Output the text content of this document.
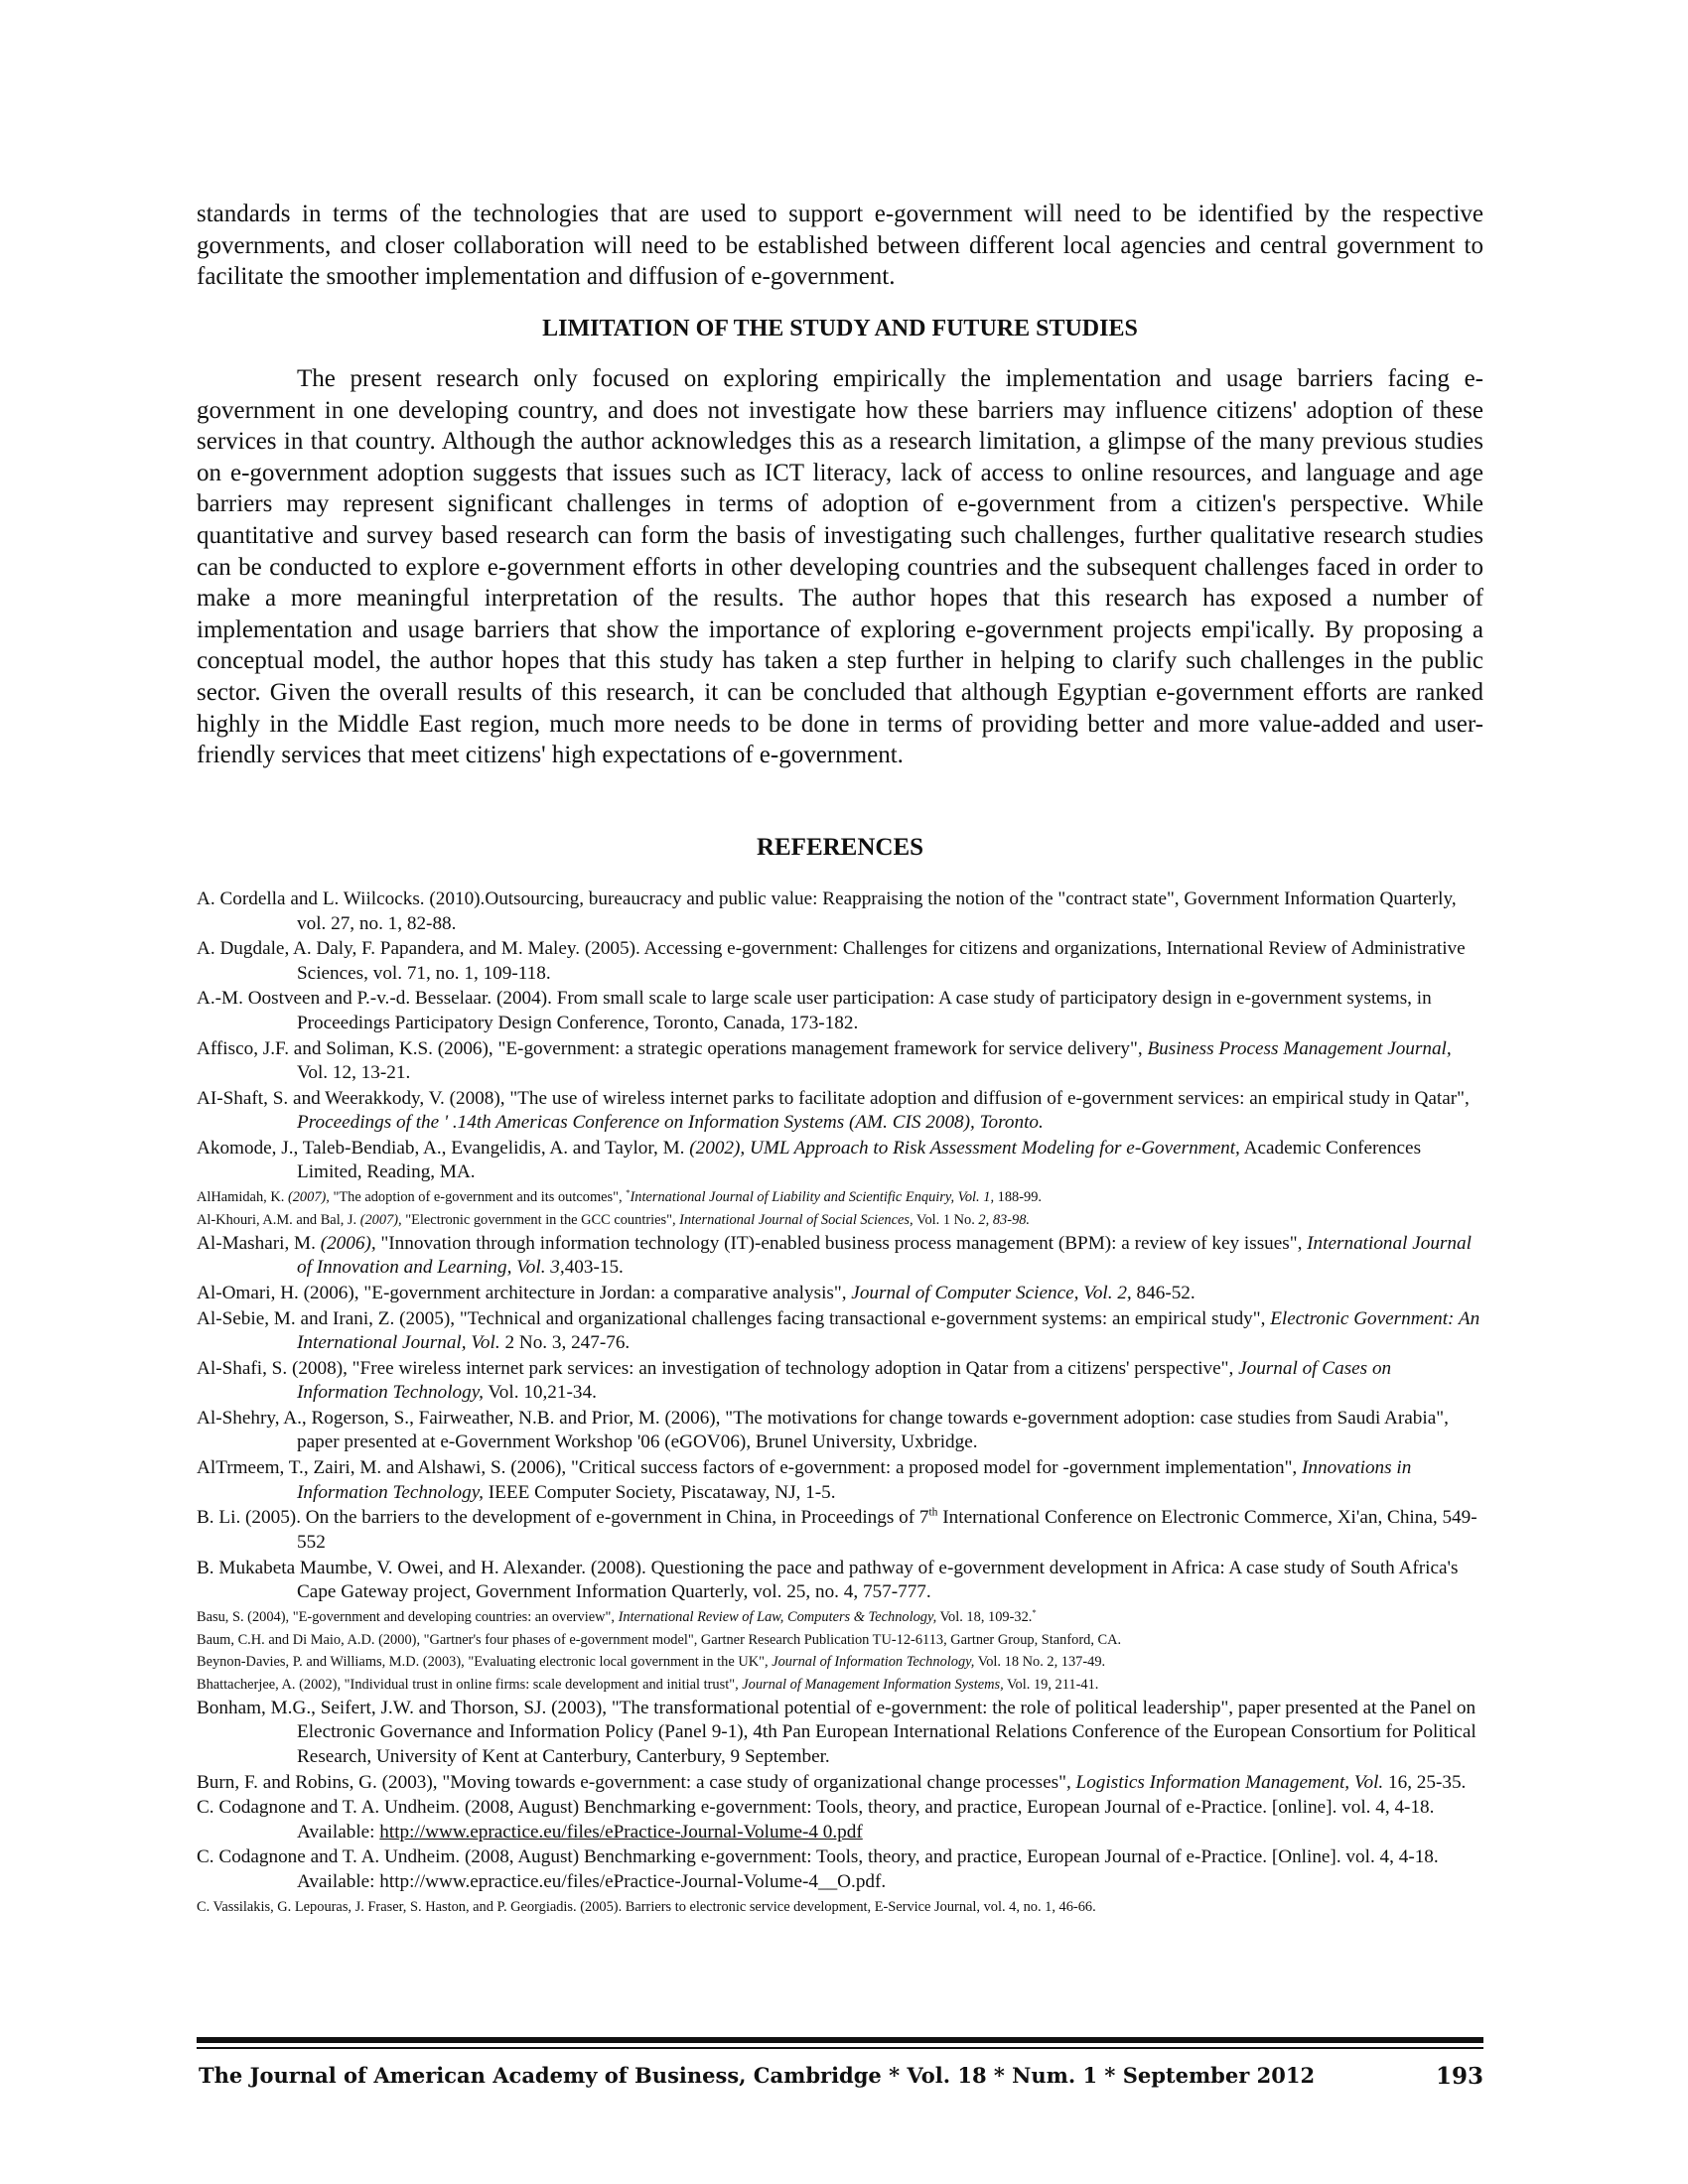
standards in terms of the technologies that are used to support e-government will need to be identified by the respective governments, and closer collaboration will need to be established between different local agencies and central government to facilitate the smoother implementation and diffusion of e-government.

LIMITATION OF THE STUDY AND FUTURE STUDIES

The present research only focused on exploring empirically the implementation and usage barriers facing e-government in one developing country, and does not investigate how these barriers may influence citizens' adoption of these services in that country. Although the author acknowledges this as a research limitation, a glimpse of the many previous studies on e-government adoption suggests that issues such as ICT literacy, lack of access to online resources, and language and age barriers may represent significant challenges in terms of adoption of e-government from a citizen's perspective. While quantitative and survey based research can form the basis of investigating such challenges, further qualitative research studies can be conducted to explore e-government efforts in other developing countries and the subsequent challenges faced in order to make a more meaningful interpretation of the results. The author hopes that this research has exposed a number of implementation and usage barriers that show the importance of exploring e-government projects empi'ically. By proposing a conceptual model, the author hopes that this study has taken a step further in helping to clarify such challenges in the public sector. Given the overall results of this research, it can be concluded that although Egyptian e-government efforts are ranked highly in the Middle East region, much more needs to be done in terms of providing better and more value-added and user-friendly services that meet citizens' high expectations of e-government.

REFERENCES

A. Cordella and L. Wiilcocks. (2010).Outsourcing, bureaucracy and public value: Reappraising the notion of the "contract state", Government Information Quarterly, vol. 27, no. 1, 82-88.

A. Dugdale, A. Daly, F. Papandera, and M. Maley. (2005). Accessing e-government: Challenges for citizens and organizations, International Review of Administrative Sciences, vol. 71, no. 1, 109-118.

A.-M. Oostveen and P.-v.-d. Besselaar. (2004). From small scale to large scale user participation: A case study of participatory design in e-government systems, in Proceedings Participatory Design Conference, Toronto, Canada, 173-182.

Affisco, J.F. and Soliman, K.S. (2006), "E-government: a strategic operations management framework for service delivery", Business Process Management Journal, Vol. 12, 13-21.

AI-Shaft, S. and Weerakkody, V. (2008), "The use of wireless internet parks to facilitate adoption and diffusion of e-government services: an empirical study in Qatar", Proceedings of the ' .14th Americas Conference on Information Systems (AM. CIS 2008), Toronto.

Akomode, J., Taleb-Bendiab, A., Evangelidis, A. and Taylor, M. (2002), UML Approach to Risk Assessment Modeling for e-Government, Academic Conferences Limited, Reading, MA.

AlHamidah, K. (2007), "The adoption of e-government and its outcomes", *International Journal of Liability and Scientific Enquiry, Vol. 1, 188-99.

Al-Khouri, A.M. and Bal, J. (2007), "Electronic government in the GCC countries", International Journal of Social Sciences, Vol. 1 No. 2, 83-98.

Al-Mashari, M. (2006), "Innovation through information technology (IT)-enabled business process management (BPM): a review of key issues", International Journal of Innovation and Learning, Vol. 3,403-15.

Al-Omari, H. (2006), "E-government architecture in Jordan: a comparative analysis", Journal of Computer Science, Vol. 2, 846-52.

Al-Sebie, M. and Irani, Z. (2005), "Technical and organizational challenges facing transactional e-government systems: an empirical study", Electronic Government: An International Journal, Vol. 2 No. 3, 247-76.

Al-Shafi, S. (2008), "Free wireless internet park services: an investigation of technology adoption in Qatar from a citizens' perspective", Journal of Cases on Information Technology, Vol. 10,21-34.

Al-Shehry, A., Rogerson, S., Fairweather, N.B. and Prior, M. (2006), "The motivations for change towards e-government adoption: case studies from Saudi Arabia", paper presented at e-Government Workshop '06 (eGOV06), Brunel University, Uxbridge.

AlTrmeem, T., Zairi, M. and Alshawi, S. (2006), "Critical success factors of e-government: a proposed model for -government implementation", Innovations in Information Technology, IEEE Computer Society, Piscataway, NJ, 1-5.

B. Li. (2005). On the barriers to the development of e-government in China, in Proceedings of 7th International Conference on Electronic Commerce, Xi'an, China, 549-552

B. Mukabeta Maumbe, V. Owei, and H. Alexander. (2008). Questioning the pace and pathway of e-government development in Africa: A case study of South Africa's Cape Gateway project, Government Information Quarterly, vol. 25, no. 4, 757-777.

Basu, S. (2004), "E-government and developing countries: an overview", International Review of Law, Computers & Technology, Vol. 18, 109-32.*

Baum, C.H. and Di Maio, A.D. (2000), "Gartner's four phases of e-government model", Gartner Research Publication TU-12-6113, Gartner Group, Stanford, CA.

Beynon-Davies, P. and Williams, M.D. (2003), "Evaluating electronic local government in the UK", Journal of Information Technology, Vol. 18 No. 2, 137-49.

Bhattacherjee, A. (2002), "Individual trust in online firms: scale development and initial trust", Journal of Management Information Systems, Vol. 19, 211-41.

Bonham, M.G., Seifert, J.W. and Thorson, SJ. (2003), "The transformational potential of e-government: the role of political leadership", paper presented at the Panel on Electronic Governance and Information Policy (Panel 9-1), 4th Pan European International Relations Conference of the European Consortium for Political Research, University of Kent at Canterbury, Canterbury, 9 September.

Burn, F. and Robins, G. (2003), "Moving towards e-government: a case study of organizational change processes", Logistics Information Management, Vol. 16, 25-35.

C. Codagnone and T. A. Undheim. (2008, August) Benchmarking e-government: Tools, theory, and practice, European Journal of e-Practice. [online]. vol. 4, 4-18. Available: http://www.epractice.eu/files/ePractice-Journal-Volume-4 0.pdf

C. Codagnone and T. A. Undheim. (2008, August) Benchmarking e-government: Tools, theory, and practice, European Journal of e-Practice. [Online]. vol. 4, 4-18. Available: http://www.epractice.eu/files/ePractice-Journal-Volume-4__O.pdf.

C. Vassilakis, G. Lepouras, J. Fraser, S. Haston, and P. Georgiadis. (2005). Barriers to electronic service development, E-Service Journal, vol. 4, no. 1, 46-66.

The Journal of American Academy of Business, Cambridge * Vol. 18 * Num. 1 * September 2012	193
